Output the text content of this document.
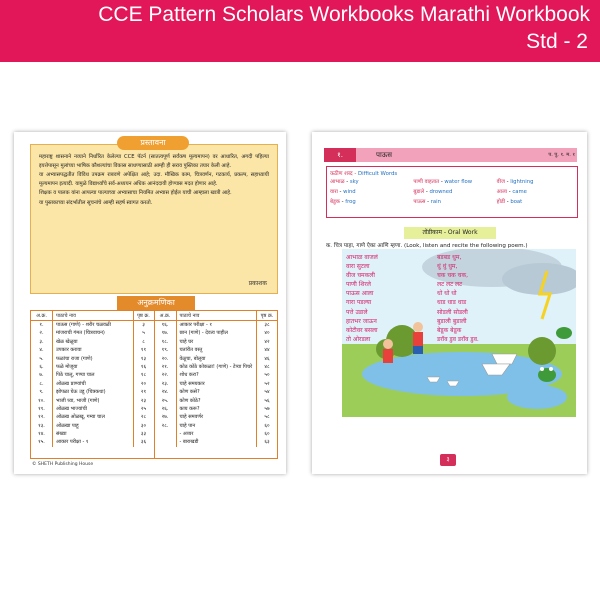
CCE Pattern Scholars Workbooks Marathi Workbook
Std - 2

महाराष्ट्र शासनाने नव्याने निर्धारित केलेल्या CCE पॅटर्न (सातत्यपूर्ण सर्वंकष मूल्यमापन) वर आधारित, अगदी पहिल्या इयत्तेपासून मुलांच्या भाषिक कौशल्यांचा विकास साधण्यासाठी आम्ही ही सराव पुस्तिका तयार केली आहे.

या अभ्यासपद्धतीत विविध उपक्रम राबवणे अपेक्षित आहे; उदा. मौखिक काम, चित्रवर्णन, गटकार्य, प्रकल्प, सहाध्यायी मूल्यमापन इत्यादी. यामुळे विद्यार्थ्यांचे सर्व-अध्ययन अधिक आनंददायी होण्यास मदत होणार आहे.

शिक्षक व पालक यांना आपल्या पाल्याच्या अभ्यासाचा नियमित अभ्यास होईल याची आम्हाला खात्री आहे.

या पुस्तकाच्या संदर्भातील सूचनांचे आम्ही सहर्ष स्वागत करतो.

प्रकाशक
प्रस्तावना
अनुक्रमणिका
अ.क्र.	पाठाचे नाव	पृष्ठ क्र.
१.	पाऊस (गाणे) - शरीर चळवळी	३
२.	मांजराची गंमत (चित्रवाचन)	५
३.	खेळ खेळूया	८
४.	उपकार करावा	११
५.	फळांचा राजा (गाणे)	१३
६.	फळे मोजूया	१६
७.	पिठे चालू, गण्या चाल	१८
८.	ओळख प्राण्यांची	२०
९.	झोपळा घेऊ उडू (चित्रकथा)	२१
१०.	भाजी घ्या, भाजी (गाणे)	२३
११.	ओळख भाज्यांची	२५
१२.	ओळख ओळखू, गम्या चाल	२८
१३.	ओळखा पाहू	३०
१४.	संख्या	३३
१५.	आकार परीक्षा - १	३६
अ.क्र.	पाठाचे नाव	पृष्ठ क्र.
१६.	आकार परीक्षा - १	३८
१७.	छान (गाणे) - देवत्व पाहील	४०
१८.	चाहे घर	४२
१९.	चतांरीत वस्तू	४४
२०.	वेळूचा, बोलूया	४६
२१.	कोठ कोठे कोकळा! (गाणे) - टेप्या पिचरे	४८
२२.	शोध करा?	५०
२३.	चाहे समयकार	५२
२४.	कोण कसे?	५४
२५.	कोण कोठे?	५६
२६.	काय करू?	५७
२७.	चाहे समवर्णर	५८
२८.	चाहे पान	६०
- अव्यर	६०
- बाराखडी	६३
© SHETH Publishing House
१.	पाऊस	प. पु. १. म. १
कठीण शब्द - Difficult Words
आभाळ - sky	पाणी वाहतात - water flow	वीज - lightning
वारा - wind	बुडाले - drowned	आला - came
बेडूक - frog	पाऊस - rain	होडी - boat
तोंडीकाम - Oral Work
क. चित्र पाहा, गाणे ऐका आणि म्हणा. (Look, listen and recite the following poem.)
आभाळ वाजलं
वारा सुटला
वीज चमकली
पाणी शिरले
पाऊस आला
गारा पडल्या
पत्ते उडाले
हातभर जाऊन
कोटीवर बसला
तो ओरडला
बडबड धुम,
धुं धुं धुम,
चक चक चक,
लट लट लट
धो धो धो
धाड धाड धाड
सोडली सोडली
बुडाली बुडाली
बेडूक बेडूक
डरॉव डुव डरॉव डुव.
३
